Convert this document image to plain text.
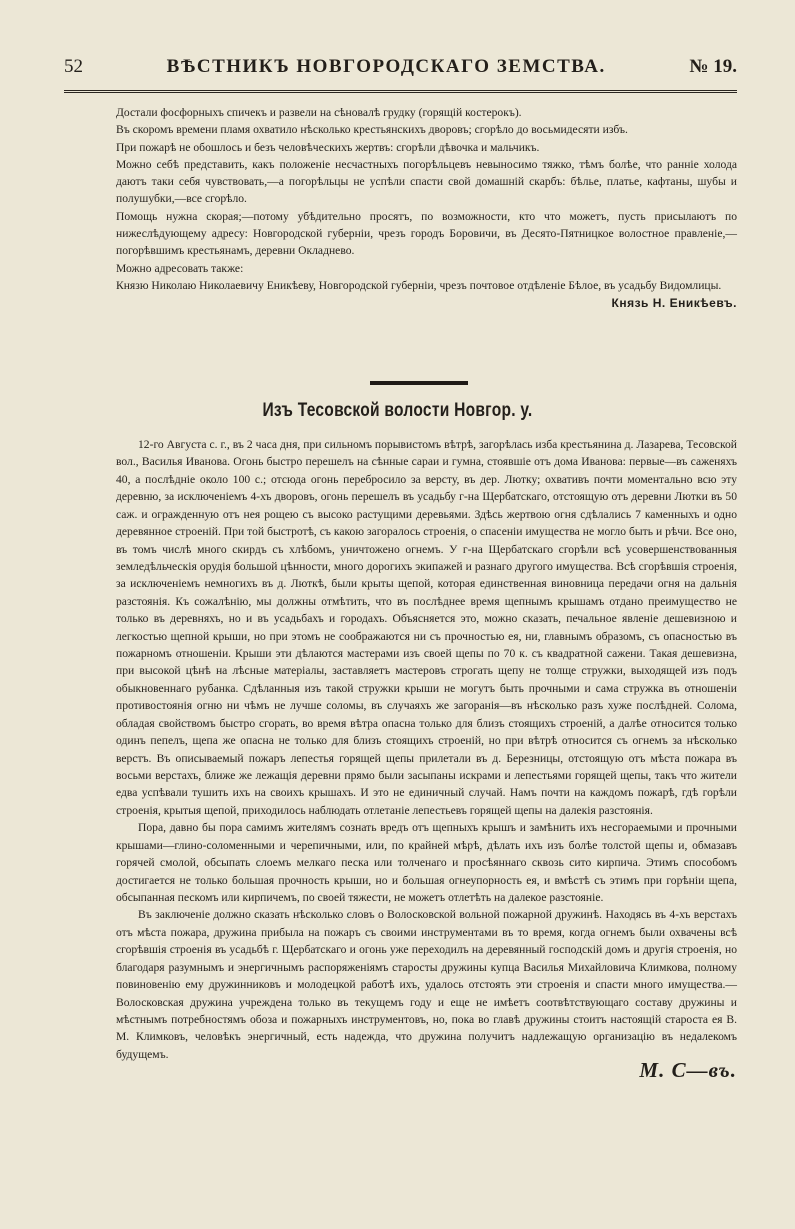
52	ВѢСТНИКЪ НОВГОРОДСКАГО ЗЕМСТВА.	№ 19.

Достали фосфорныхъ спичекъ и развели на сѣновалѣ грудку (горящій костерокъ).

Въ скоромъ времени пламя охватило нѣсколько крестьянскихъ дворовъ; сгорѣло до восьмидесяти избъ.

При пожарѣ не обошлось и безъ человѣческихъ жертвъ: сгорѣли дѣвочка и мальчикъ.

Можно себѣ представить, какъ положеніе несчастныхъ погорѣльцевъ невыносимо тяжко, тѣмъ болѣе, что ранніе холода даютъ таки себя чувствовать,—а погорѣльцы не успѣли спасти свой домашній скарбъ: бѣлье, платье, кафтаны, шубы и полушубки,—все сгорѣло.

Помощь нужна скорая;—потому убѣдительно просятъ, по возможности, кто что можетъ, пусть присылаютъ по нижеслѣдующему адресу: Новгородской губерніи, чрезъ городъ Боровичи, въ Десято-Пятницкое волостное правленіе,—погорѣвшимъ крестьянамъ, деревни Окладнево.

Можно адресовать также:

Князю Николаю Николаевичу Еникѣеву, Новгородской губерніи, чрезъ почтовое отдѣленіе Бѣлое, въ усадьбу Видомлицы.

Князь Н. Еникѣевъ.
Изъ Тесовской волости Новгор. у.

12-го Августа с. г., въ 2 часа дня, при сильномъ порывистомъ вѣтрѣ, загорѣлась изба крестьянина д. Лазарева, Тесовской вол., Василья Иванова. Огонь быстро перешелъ на сѣнные сараи и гумна, стоявшіе отъ дома Иванова: первые—въ саженяхъ 40, а послѣдніе около 100 с.; отсюда огонь перебросило за версту, въ дер. Лютку; охвативъ почти моментально всю эту деревню, за исключеніемъ 4-хъ дворовъ, огонь перешелъ въ усадьбу г-на Щербатскаго, отстоящую отъ деревни Лютки въ 50 саж. и огражденную отъ нея рощею съ высоко растущими деревьями. Здѣсь жертвою огня сдѣлались 7 каменныхъ и одно деревянное строеній. При той быстротѣ, съ какою загоралось строенія, о спасеніи имущества не могло быть и рѣчи. Все оно, въ томъ числѣ много скирдъ съ хлѣбомъ, уничтожено огнемъ. У г-на Щербатскаго сгорѣли всѣ усовершенствованныя земледѣльческія орудія большой цѣнности, много дорогихъ экипажей и разнаго другого имущества. Всѣ сгорѣвшія строенія, за исключеніемъ немногихъ въ д. Люткѣ, были крыты щепой, которая единственная виновница передачи огня на дальнія разстоянія. Къ сожалѣнію, мы должны отмѣтить, что въ послѣднее время щепнымъ крышамъ отдано преимущество не только въ деревняхъ, но и въ усадьбахъ и городахъ. Объясняется это, можно сказать, печальное явленіе дешевизною и легкостью щепной крыши, но при этомъ не соображаются ни съ прочностью ея, ни, главнымъ образомъ, съ опасностью въ пожарномъ отношеніи. Крыши эти дѣлаются мастерами изъ своей щепы по 70 к. съ квадратной сажени. Такая дешевизна, при высокой цѣнѣ на лѣсные матеріалы, заставляетъ мастеровъ строгать щепу не толще стружки, выходящей изъ подъ обыкновеннаго рубанка. Сдѣланныя изъ такой стружки крыши не могутъ быть прочными и сама стружка въ отношеніи противостоянія огню ни чѣмъ не лучше соломы, въ случаяхъ же загоранія—въ нѣсколько разъ хуже послѣдней. Солома, обладая свойствомъ быстро сгорать, во время вѣтра опасна только для близъ стоящихъ строеній, а далѣе относится только одинъ пепелъ, щепа же опасна не только для близъ стоящихъ строеній, но при вѣтрѣ относится съ огнемъ за нѣсколько верстъ. Въ описываемый пожаръ лепестья горящей щепы прилетали въ д. Березницы, отстоящую отъ мѣста пожара въ восьми верстахъ, ближе же лежащія деревни прямо были засыпаны искрами и лепестьями горящей щепы, такъ что жители едва успѣвали тушить ихъ на своихъ крышахъ. И это не единичный случай. Намъ почти на каждомъ пожарѣ, гдѣ горѣли строенія, крытыя щепой, приходилось наблюдать отлетаніе лепестьевъ горящей щепы на далекія разстоянія.

Пора, давно бы пора самимъ жителямъ сознать вредъ отъ щепныхъ крышъ и замѣнить ихъ несгораемыми и прочными крышами—глино-соломенными и черепичными, или, по крайней мѣрѣ, дѣлать ихъ изъ болѣе толстой щепы и, обмазавъ горячей смолой, обсыпать слоемъ мелкаго песка или толченаго и просѣяннаго сквозь сито кирпича. Этимъ способомъ достигается не только большая прочность крыши, но и большая огнеупорность ея, и вмѣстѣ съ этимъ при горѣніи щепа, обсыпанная пескомъ или кирпичемъ, по своей тяжести, не можетъ отлетѣть на далекое разстояніе.

Въ заключеніе должно сказать нѣсколько словъ о Волосковской вольной пожарной дружинѣ. Находясь въ 4-хъ верстахъ отъ мѣста пожара, дружина прибыла на пожаръ съ своими инструментами въ то время, когда огнемъ были охвачены всѣ сгорѣвшія строенія въ усадьбѣ г. Щербатскаго и огонь уже переходилъ на деревянный господскій домъ и другія строенія, но благодаря разумнымъ и энергичнымъ распоряженіямъ старосты дружины купца Василья Михайловича Климкова, полному повиновенію ему дружинниковъ и молодецкой работѣ ихъ, удалось отстоять эти строенія и спасти много имущества.—Волосковская дружина учреждена только въ текущемъ году и еще не имѣетъ соотвѣтствующаго составу дружины и мѣстнымъ потребностямъ обоза и пожарныхъ инструментовъ, но, пока во главѣ дружины стоитъ настоящій староста ея В. М. Климковъ, человѣкъ энергичный, есть надежда, что дружина получитъ надлежащую организацію въ недалекомъ будущемъ.

М. С—въ.
